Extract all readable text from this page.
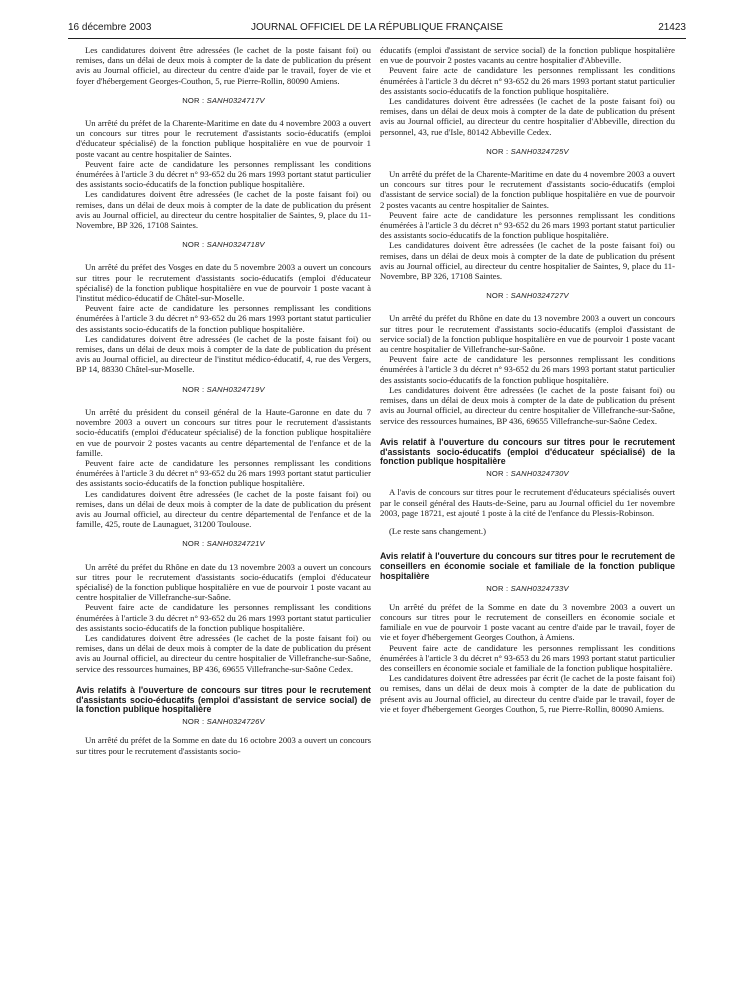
16 décembre 2003	JOURNAL OFFICIEL DE LA RÉPUBLIQUE FRANÇAISE	21423

Les candidatures doivent être adressées (le cachet de la poste faisant foi) ou remises, dans un délai de deux mois à compter de la date de publication du présent avis au Journal officiel, au directeur du centre d'aide par le travail, foyer de vie et foyer d'hébergement Georges-Couthon, 5, rue Pierre-Rollin, 80090 Amiens.

NOR : SANH0324717V

Un arrêté du préfet de la Charente-Maritime en date du 4 novembre 2003 a ouvert un concours sur titres pour le recrutement d'assistants socio-éducatifs (emploi d'éducateur spécialisé) de la fonction publique hospitalière en vue de pourvoir 1 poste vacant au centre hospitalier de Saintes.

Peuvent faire acte de candidature les personnes remplissant les conditions énumérées à l'article 3 du décret n° 93-652 du 26 mars 1993 portant statut particulier des assistants socio-éducatifs de la fonction publique hospitalière.

Les candidatures doivent être adressées (le cachet de la poste faisant foi) ou remises, dans un délai de deux mois à compter de la date de publication du présent avis au Journal officiel, au directeur du centre hospitalier de Saintes, 9, place du 11-Novembre, BP 326, 17108 Saintes.

NOR : SANH0324718V

Un arrêté du préfet des Vosges en date du 5 novembre 2003 a ouvert un concours sur titres pour le recrutement d'assistants socio-éducatifs (emploi d'éducateur spécialisé) de la fonction publique hospitalière en vue de pourvoir 1 poste vacant à l'institut médico-éducatif de Châtel-sur-Moselle.

Peuvent faire acte de candidature les personnes remplissant les conditions énumérées à l'article 3 du décret n° 93-652 du 26 mars 1993 portant statut particulier des assistants socio-éducatifs de la fonction publique hospitalière.

Les candidatures doivent être adressées (le cachet de la poste faisant foi) ou remises, dans un délai de deux mois à compter de la date de publication du présent avis au Journal officiel, au directeur de l'institut médico-éducatif, 4, rue des Vergers, BP 14, 88330 Châtel-sur-Moselle.

NOR : SANH0324719V

Un arrêté du président du conseil général de la Haute-Garonne en date du 7 novembre 2003 a ouvert un concours sur titres pour le recrutement d'assistants socio-éducatifs (emploi d'éducateur spécialisé) de la fonction publique hospitalière en vue de pourvoir 2 postes vacants au centre départemental de l'enfance et de la famille.

Peuvent faire acte de candidature les personnes remplissant les conditions énumérées à l'article 3 du décret n° 93-652 du 26 mars 1993 portant statut particulier des assistants socio-éducatifs de la fonction publique hospitalière.

Les candidatures doivent être adressées (le cachet de la poste faisant foi) ou remises, dans un délai de deux mois à compter de la date de publication du présent avis au Journal officiel, au directeur du centre départemental de l'enfance et de la famille, 425, route de Launaguet, 31200 Toulouse.

NOR : SANH0324721V

Un arrêté du préfet du Rhône en date du 13 novembre 2003 a ouvert un concours sur titres pour le recrutement d'assistants socio-éducatifs (emploi d'éducateur spécialisé) de la fonction publique hospitalière en vue de pourvoir 1 poste vacant au centre hospitalier de Villefranche-sur-Saône.

Peuvent faire acte de candidature les personnes remplissant les conditions énumérées à l'article 3 du décret n° 93-652 du 26 mars 1993 portant statut particulier des assistants socio-éducatifs de la fonction publique hospitalière.

Les candidatures doivent être adressées (le cachet de la poste faisant foi) ou remises, dans un délai de deux mois à compter de la date de publication du présent avis au Journal officiel, au directeur du centre hospitalier de Villefranche-sur-Saône, service des ressources humaines, BP 436, 69655 Villefranche-sur-Saône Cedex.

Avis relatifs à l'ouverture de concours sur titres pour le recrutement d'assistants socio-éducatifs (emploi d'assistant de service social) de la fonction publique hospitalière
NOR : SANH0324726V

Un arrêté du préfet de la Somme en date du 16 octobre 2003 a ouvert un concours sur titres pour le recrutement d'assistants socio-

éducatifs (emploi d'assistant de service social) de la fonction publique hospitalière en vue de pourvoir 2 postes vacants au centre hospitalier d'Abbeville.

Peuvent faire acte de candidature les personnes remplissant les conditions énumérées à l'article 3 du décret n° 93-652 du 26 mars 1993 portant statut particulier des assistants socio-éducatifs de la fonction publique hospitalière.

Les candidatures doivent être adressées (le cachet de la poste faisant foi) ou remises, dans un délai de deux mois à compter de la date de publication du présent avis au Journal officiel, au directeur du centre hospitalier d'Abbeville, direction du personnel, 43, rue d'Isle, 80142 Abbeville Cedex.

NOR : SANH0324725V

Un arrêté du préfet de la Charente-Maritime en date du 4 novembre 2003 a ouvert un concours sur titres pour le recrutement d'assistants socio-éducatifs (emploi d'assistant de service social) de la fonction publique hospitalière en vue de pourvoir 2 postes vacants au centre hospitalier de Saintes.

Peuvent faire acte de candidature les personnes remplissant les conditions énumérées à l'article 3 du décret n° 93-652 du 26 mars 1993 portant statut particulier des assistants socio-éducatifs de la fonction publique hospitalière.

Les candidatures doivent être adressées (le cachet de la poste faisant foi) ou remises, dans un délai de deux mois à compter de la date de publication du présent avis au Journal officiel, au directeur du centre hospitalier de Saintes, 9, place du 11-Novembre, BP 326, 17108 Saintes.

NOR : SANH0324727V

Un arrêté du préfet du Rhône en date du 13 novembre 2003 a ouvert un concours sur titres pour le recrutement d'assistants socio-éducatifs (emploi d'assistant de service social) de la fonction publique hospitalière en vue de pourvoir 1 poste vacant au centre hospitalier de Villefranche-sur-Saône.

Peuvent faire acte de candidature les personnes remplissant les conditions énumérées à l'article 3 du décret n° 93-652 du 26 mars 1993 portant statut particulier des assistants socio-éducatifs de la fonction publique hospitalière.

Les candidatures doivent être adressées (le cachet de la poste faisant foi) ou remises, dans un délai de deux mois à compter de la date de publication du présent avis au Journal officiel, au directeur du centre hospitalier de Villefranche-sur-Saône, service des ressources humaines, BP 436, 69655 Villefranche-sur-Saône Cedex.

Avis relatif à l'ouverture du concours sur titres pour le recrutement d'assistants socio-éducatifs (emploi d'éducateur spécialisé) de la fonction publique hospitalière
NOR : SANH0324730V

A l'avis de concours sur titres pour le recrutement d'éducateurs spécialisés ouvert par le conseil général des Hauts-de-Seine, paru au Journal officiel du 1er novembre 2003, page 18721, est ajouté 1 poste à la cité de l'enfance du Plessis-Robinson.

(Le reste sans changement.)

Avis relatif à l'ouverture du concours sur titres pour le recrutement de conseillers en économie sociale et familiale de la fonction publique hospitalière
NOR : SANH0324733V

Un arrêté du préfet de la Somme en date du 3 novembre 2003 a ouvert un concours sur titres pour le recrutement de conseillers en économie sociale et familiale en vue de pourvoir 1 poste vacant au centre d'aide par le travail, foyer de vie et foyer d'hébergement Georges Couthon, à Amiens.

Peuvent faire acte de candidature les personnes remplissant les conditions énumérées à l'article 3 du décret n° 93-653 du 26 mars 1993 portant statut particulier des conseillers en économie sociale et familiale de la fonction publique hospitalière.

Les candidatures doivent être adressées par écrit (le cachet de la poste faisant foi) ou remises, dans un délai de deux mois à compter de la date de publication du présent avis au Journal officiel, au directeur du centre d'aide par le travail, foyer de vie et foyer d'hébergement Georges Couthon, 5, rue Pierre-Rollin, 80090 Amiens.
